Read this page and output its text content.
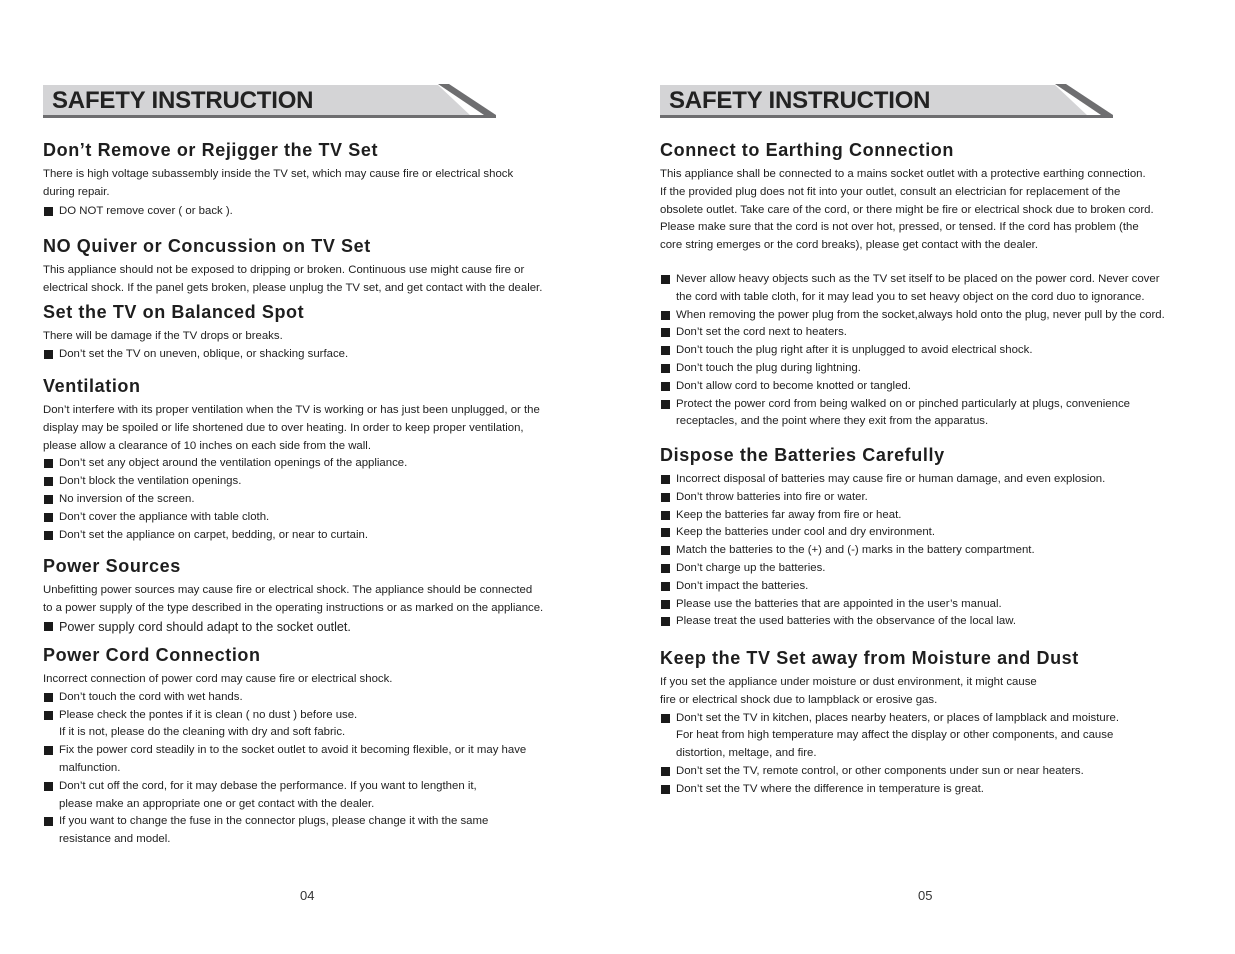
SAFETY INSTRUCTION
Don’t Remove or Rejigger the TV Set

There is high voltage subassembly inside the TV set, which may cause fire or electrical shock

during repair.

DO NOT remove cover ( or back ).
NO Quiver or Concussion on TV Set

This appliance should not be exposed to dripping or broken. Continuous use might cause fire or

electrical shock. If the panel gets broken, please unplug the TV set, and get contact with the dealer.

Set the TV on Balanced Spot

There will be damage if the TV drops or breaks.

Don’t set the TV on uneven, oblique, or shacking surface.
Ventilation

Don’t interfere with its proper ventilation when the TV is working or has just been unplugged, or the

display may be spoiled or life shortened due to over heating. In order to keep proper ventilation,

please allow a clearance of 10 inches on each side from the wall.

Don’t set any object around the ventilation openings of the appliance.
Don’t block the ventilation openings.
No inversion of the screen.
Don’t cover the appliance with table cloth.
Don’t set the appliance on carpet, bedding, or near to curtain.
Power Sources

Unbefitting power sources may cause fire or electrical shock. The appliance should be connected

to a power supply of the type described in the operating instructions or as marked on the appliance.

Power supply cord should adapt to the socket outlet.
Power Cord Connection

Incorrect connection of power cord may cause fire or electrical shock.

Don’t touch the cord with wet hands.
Please check the pontes if it is clean ( no dust ) before use.
If it is not, please do the cleaning with dry and soft fabric.
Fix the power cord steadily in to the socket outlet to avoid it becoming flexible, or it may have
malfunction.
Don’t cut off the cord, for it may debase the performance. If you want to lengthen it,
please make an appropriate one or get contact with the dealer.
If you want to change the fuse in the connector plugs, please change it with the same
resistance and model.
04
SAFETY INSTRUCTION
Connect to Earthing Connection

This appliance shall be connected to a mains socket outlet with a protective earthing connection.

If the provided plug does not fit into your outlet, consult an electrician for replacement of the

obsolete outlet. Take care of the cord, or there might be fire or electrical shock due to broken cord.

Please make sure that the cord is not over hot, pressed, or tensed. If the cord has problem (the

core string emerges or the cord breaks), please get contact with the dealer.

Never allow heavy objects such as the TV set itself to be placed on the power cord. Never cover
the cord with table cloth, for it may lead you to set heavy object on the cord duo to ignorance.
When removing the power plug from the socket,always hold onto the plug, never pull by the cord.
Don’t set the cord next to heaters.
Don’t touch the plug right after it is unplugged to avoid electrical shock.
Don’t touch the plug during lightning.
Don’t allow cord to become knotted or tangled.
Protect the power cord from being walked on or pinched particularly at plugs, convenience
receptacles, and the point where they exit from the apparatus.
Dispose the Batteries Carefully
Incorrect disposal of batteries may cause fire or human damage, and even explosion.
Don’t throw batteries into fire or water.
Keep the batteries far away from fire or heat.
Keep the batteries under cool and dry environment.
Match the batteries to the (+) and (-) marks in the battery compartment.
Don’t charge up the batteries.
Don’t impact the batteries.
Please use the batteries that are appointed in the user’s manual.
Please treat the used batteries with the observance of the local law.
Keep the TV Set away from Moisture and Dust

If you set the appliance under moisture or dust environment, it might cause

fire or electrical shock due to lampblack or erosive gas.

Don’t set the TV in kitchen, places nearby heaters, or places of lampblack and moisture.
For heat from high temperature may affect the display or other components, and cause
distortion, meltage, and fire.
Don’t set the TV, remote control, or other components under sun or near heaters.
Don’t set the TV where the difference in temperature is great.
05
